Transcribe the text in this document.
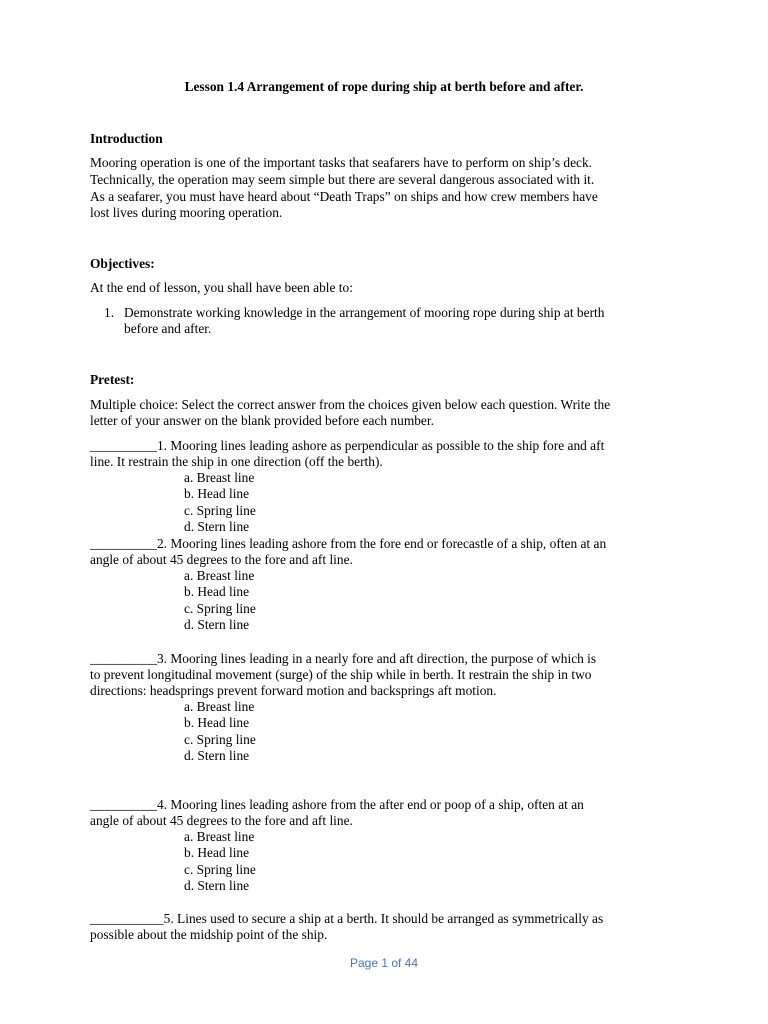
Lesson 1.4 Arrangement of rope during ship at berth before and after.
Introduction
Mooring operation is one of the important tasks that seafarers have to perform on ship’s deck.
Technically, the operation may seem simple but there are several dangerous associated with it.
As a seafarer, you must have heard about “Death Traps” on ships and how crew members have
lost lives during mooring operation.
Objectives:
At the end of lesson, you shall have been able to:
1. Demonstrate working knowledge in the arrangement of mooring rope during ship at berth
before and after.
Pretest:
Multiple choice: Select the correct answer from the choices given below each question. Write the
letter of your answer on the blank provided before each number.
__________1. Mooring lines leading ashore as perpendicular as possible to the ship fore and aft
line. It restrain the ship in one direction (off the berth).
a. Breast line
b. Head line
c. Spring line
d. Stern line
__________2. Mooring lines leading ashore from the fore end or forecastle of a ship, often at an
angle of about 45 degrees to the fore and aft line.
a. Breast line
b. Head line
c. Spring line
d. Stern line
__________3. Mooring lines leading in a nearly fore and aft direction, the purpose of which is
to prevent longitudinal movement (surge) of the ship while in berth. It restrain the ship in two
directions: headsprings prevent forward motion and backsprings aft motion.
a. Breast line
b. Head line
c. Spring line
d. Stern line
__________4. Mooring lines leading ashore from the after end or poop of a ship, often at an
angle of about 45 degrees to the fore and aft line.
a. Breast line
b. Head line
c. Spring line
d. Stern line
___________5. Lines used to secure a ship at a berth. It should be arranged as symmetrically as
possible about the midship point of the ship.
Page 1 of 44
